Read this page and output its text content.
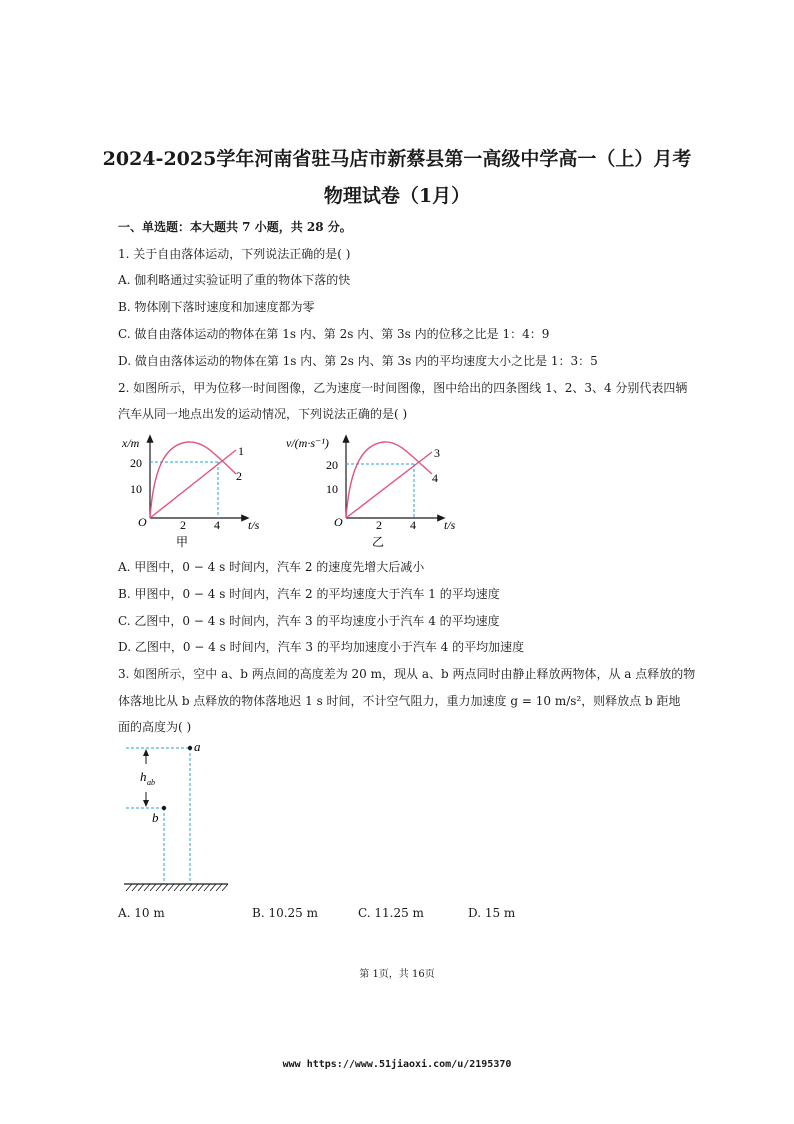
2024-2025学年河南省驻马店市新蔡县第一高级中学高一（上）月考
物理试卷（1月）
一、单选题：本大题共 7 小题，共 28 分。
1. 关于自由落体运动，下列说法正确的是( )
A. 伽利略通过实验证明了重的物体下落的快
B. 物体刚下落时速度和加速度都为零
C. 做自由落体运动的物体在第 1s 内、第 2s 内、第 3s 内的位移之比是 1：4：9
D. 做自由落体运动的物体在第 1s 内、第 2s 内、第 3s 内的平均速度大小之比是 1：3：5
2. 如图所示，甲为位移一时间图像，乙为速度一时间图像，图中给出的四条图线 1、2、3、4 分别代表四辆
汽车从同一地点出发的运动情况，下列说法正确的是( )
x/m
t/s
O
20
10
2 4
1
2
甲
v/(m·s⁻¹)
t/s
O
20
10
2 4
3
4
乙
A. 甲图中，0 − 4 s 时间内，汽车 2 的速度先增大后减小
B. 甲图中，0 − 4 s 时间内，汽车 2 的平均速度大于汽车 1 的平均速度
C. 乙图中，0 − 4 s 时间内，汽车 3 的平均速度小于汽车 4 的平均速度
D. 乙图中，0 − 4 s 时间内，汽车 3 的平均加速度小于汽车 4 的平均加速度
3. 如图所示，空中 a、b 两点间的高度差为 20 m，现从 a、b 两点同时由静止释放两物体，从 a 点释放的物
体落地比从 b 点释放的物体落地迟 1 s 时间，不计空气阻力，重力加速度 g = 10 m/s²，则释放点 b 距地
面的高度为( )
h ab
a
b
A. 10 m	B. 10.25 m	C. 11.25 m	D. 15 m
第 1页，共 16页
www https://www.51jiaoxi.com/u/2195370
